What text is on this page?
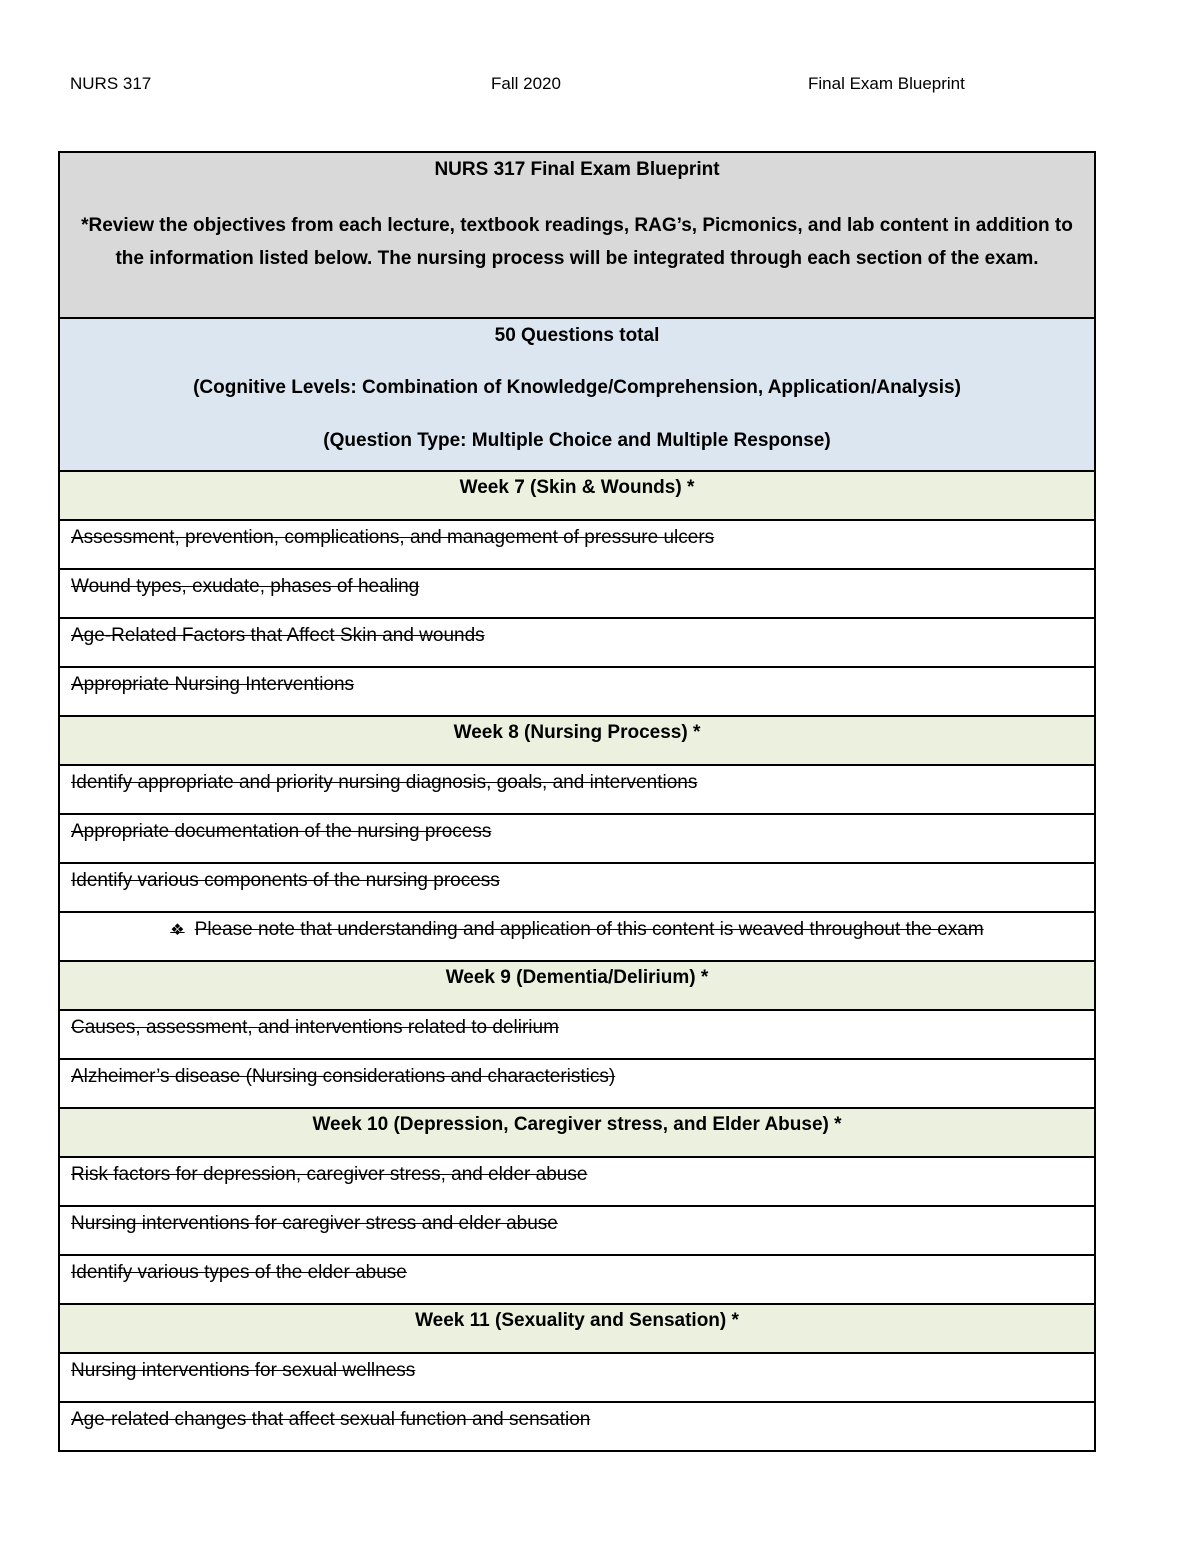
NURS 317	Fall 2020	Final Exam Blueprint
NURS 317 Final Exam Blueprint
*Review the objectives from each lecture, textbook readings, RAG’s, Picmonics, and lab content in addition to the information listed below. The nursing process will be integrated through each section of the exam.

50 Questions total
(Cognitive Levels: Combination of Knowledge/Comprehension, Application/Analysis)
(Question Type: Multiple Choice and Multiple Response)

Week 7 (Skin & Wounds) *

Assessment, prevention, complications, and management of pressure ulcers

Wound types, exudate, phases of healing

Age-Related Factors that Affect Skin and wounds

Appropriate Nursing Interventions

Week 8 (Nursing Process) *

Identify appropriate and priority nursing diagnosis, goals, and interventions

Appropriate documentation of the nursing process

Identify various components of the nursing process

❖ Please note that understanding and application of this content is weaved throughout the exam

Week 9 (Dementia/Delirium) *

Causes, assessment, and interventions related to delirium

Alzheimer’s disease (Nursing considerations and characteristics)

Week 10 (Depression, Caregiver stress, and Elder Abuse) *

Risk factors for depression, caregiver stress, and elder abuse

Nursing interventions for caregiver stress and elder abuse

Identify various types of the elder abuse

Week 11 (Sexuality and Sensation) *

Nursing interventions for sexual wellness

Age-related changes that affect sexual function and sensation
